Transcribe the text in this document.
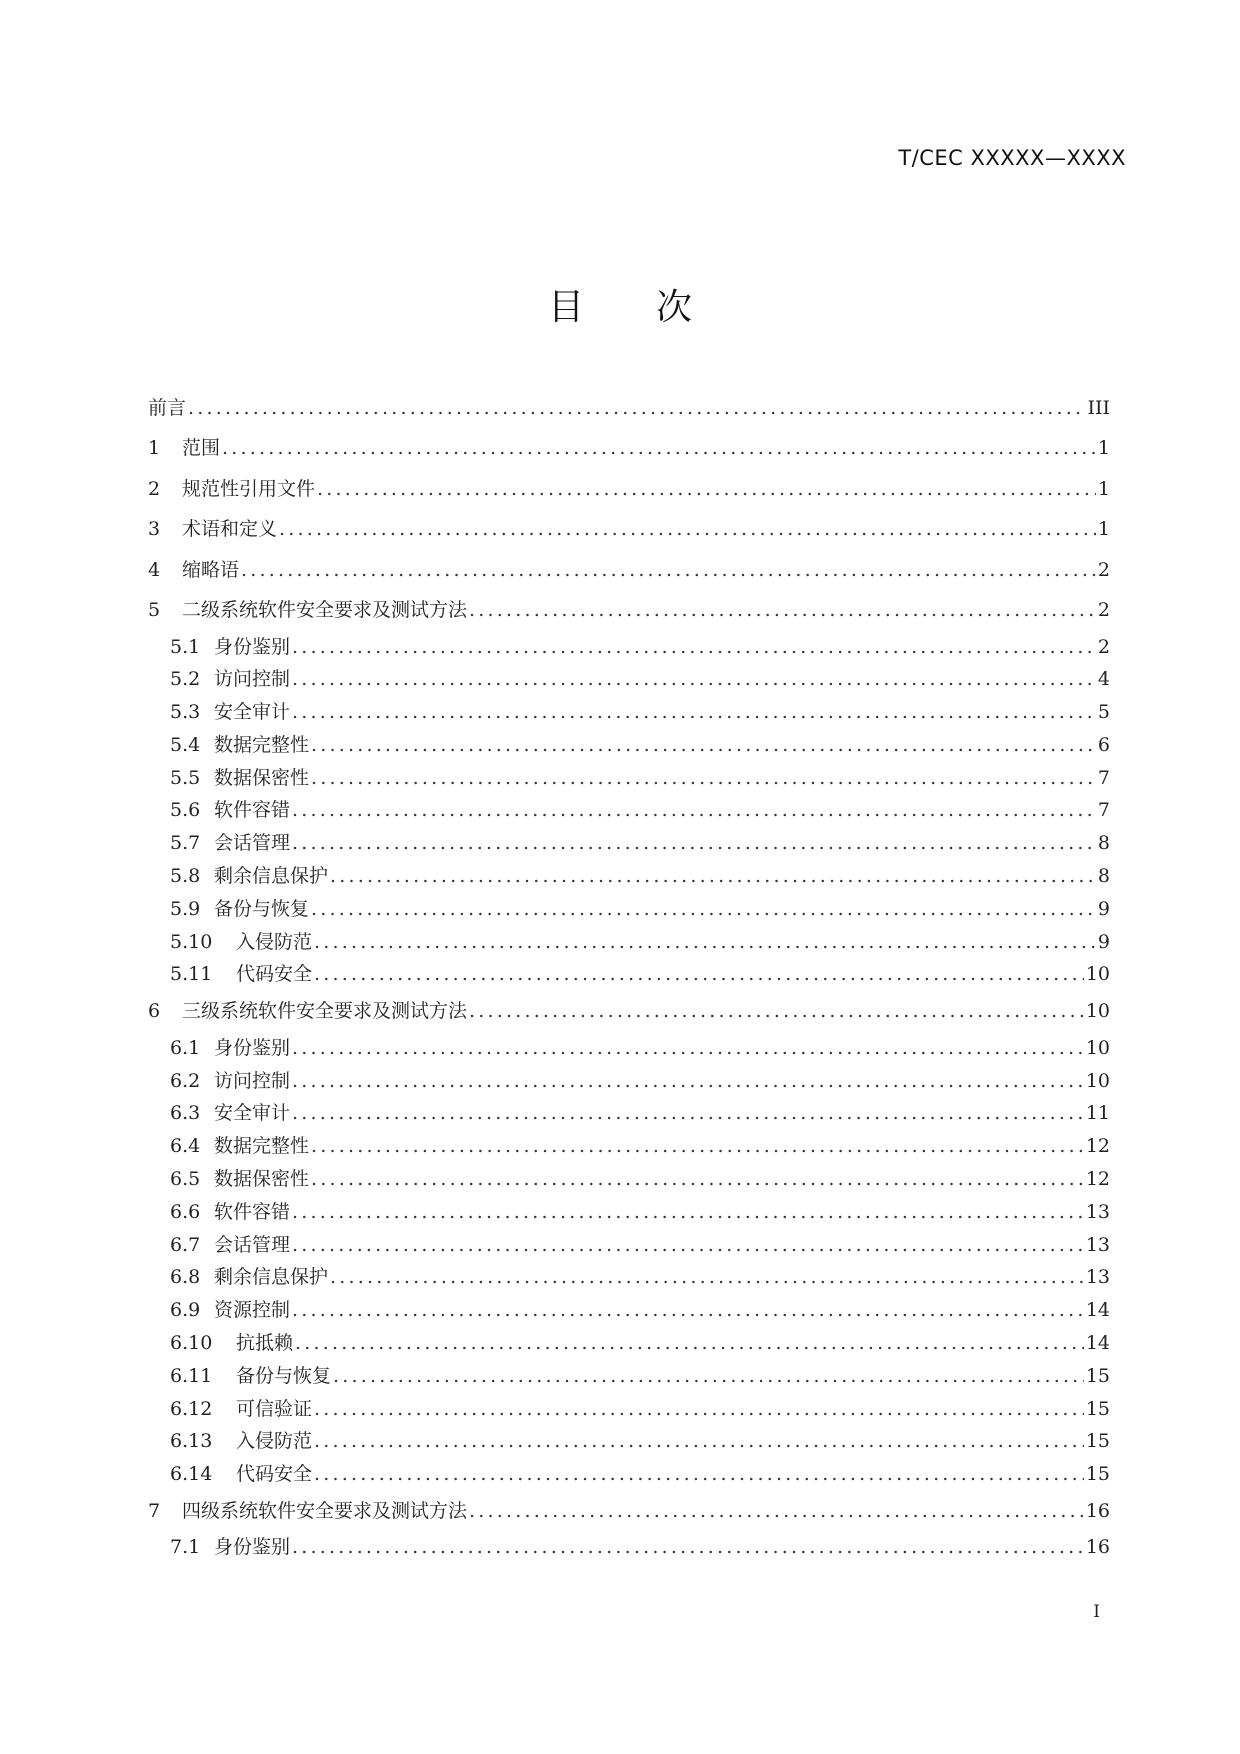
T/CEC XXXXX—XXXX
目 次
前言 .....	III
1	范围 .....	1
2	规范性引用文件 .....	1
3	术语和定义 .....	1
4	缩略语 .....	2
5	二级系统软件安全要求及测试方法 .....	2
5.1 身份鉴别 .....	2
5.2 访问控制 .....	4
5.3 安全审计 .....	5
5.4 数据完整性 .....	6
5.5 数据保密性 .....	7
5.6 软件容错 .....	7
5.7 会话管理 .....	8
5.8 剩余信息保护 .....	8
5.9 备份与恢复 .....	9
5.10	入侵防范 .....	9
5.11	代码安全 .....	10
6	三级系统软件安全要求及测试方法 .....	10
6.1 身份鉴别 .....	10
6.2 访问控制 .....	10
6.3 安全审计 .....	11
6.4 数据完整性 .....	12
6.5 数据保密性 .....	12
6.6 软件容错 .....	13
6.7 会话管理 .....	13
6.8 剩余信息保护 .....	13
6.9 资源控制 .....	14
6.10	抗抵赖 .....	14
6.11	备份与恢复 .....	15
6.12	可信验证 .....	15
6.13	入侵防范 .....	15
6.14	代码安全 .....	15
7	四级系统软件安全要求及测试方法 .....	16
7.1 身份鉴别 .....	16
I
